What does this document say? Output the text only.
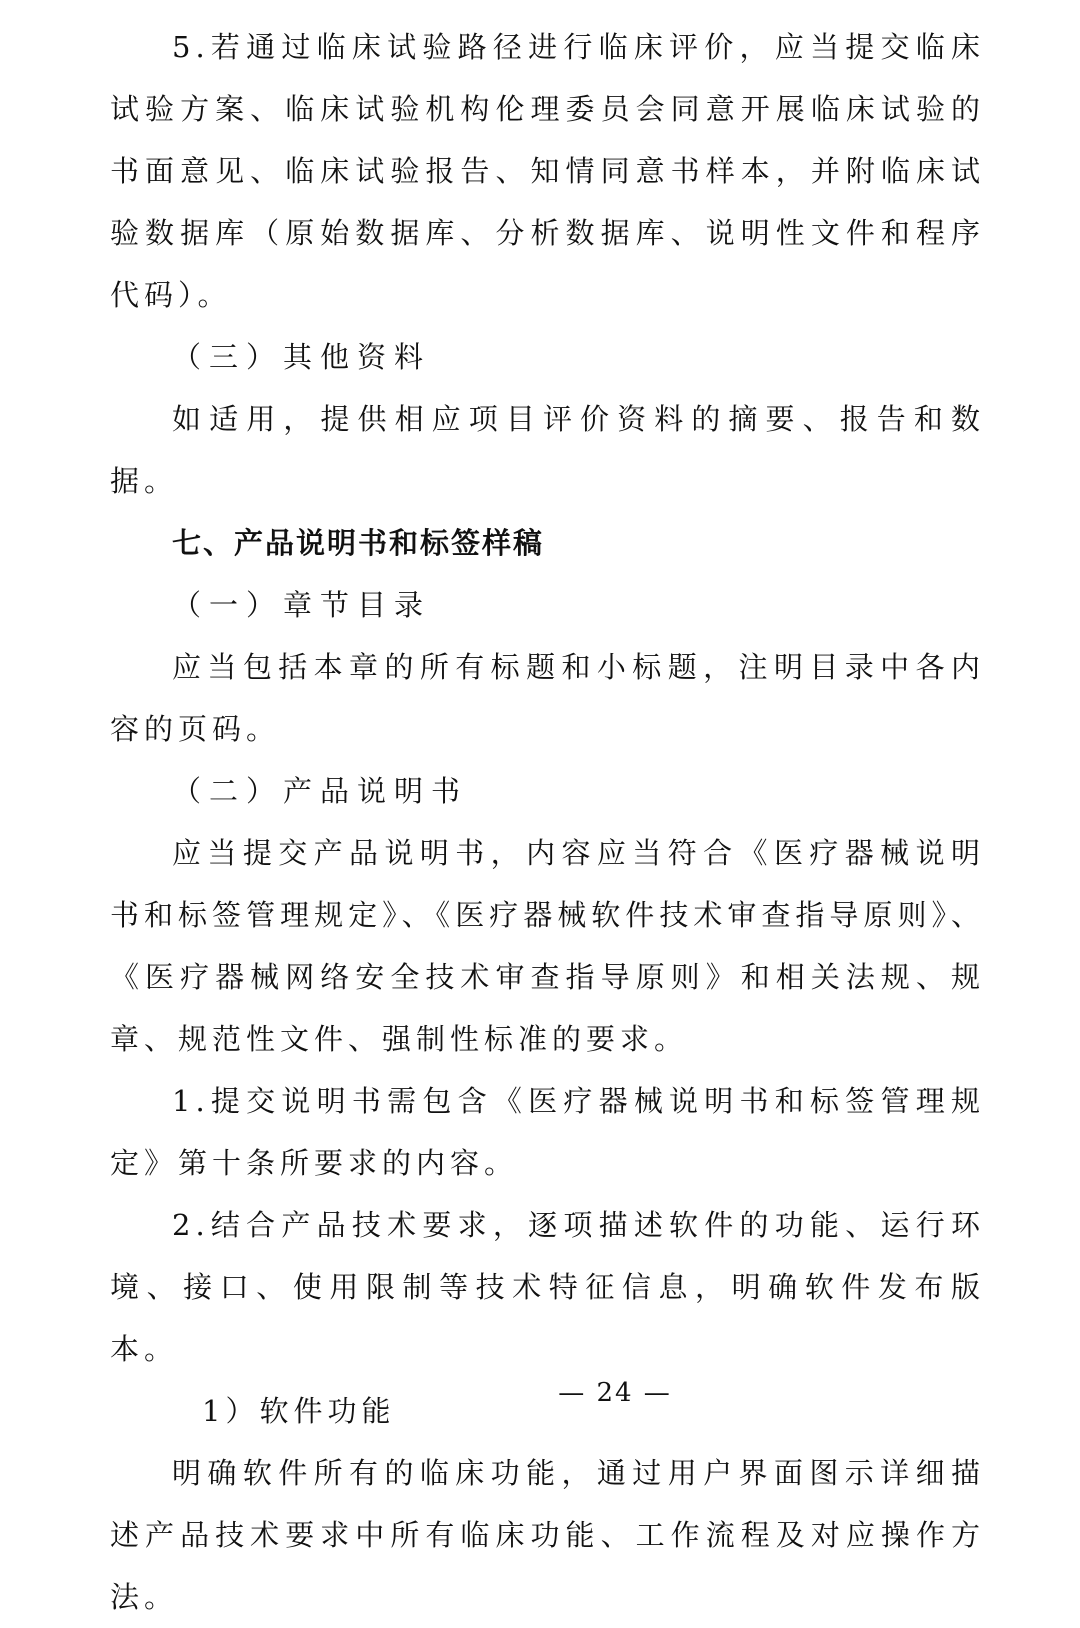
5.若通过临床试验路径进行临床评价，应当提交临床试验方案、临床试验机构伦理委员会同意开展临床试验的书面意见、临床试验报告、知情同意书样本，并附临床试验数据库（原始数据库、分析数据库、说明性文件和程序代码）。

（三）其他资料

如适用，提供相应项目评价资料的摘要、报告和数据。

七、产品说明书和标签样稿

（一）章节目录

应当包括本章的所有标题和小标题，注明目录中各内容的页码。

（二）产品说明书

应当提交产品说明书，内容应当符合《医疗器械说明书和标签管理规定》、《医疗器械软件技术审查指导原则》、《医疗器械网络安全技术审查指导原则》和相关法规、规章、规范性文件、强制性标准的要求。

1.提交说明书需包含《医疗器械说明书和标签管理规定》第十条所要求的内容。

2.结合产品技术要求，逐项描述软件的功能、运行环境、接口、使用限制等技术特征信息，明确软件发布版本。

1）软件功能

明确软件所有的临床功能，通过用户界面图示详细描述产品技术要求中所有临床功能、工作流程及对应操作方法。

— 24 —
